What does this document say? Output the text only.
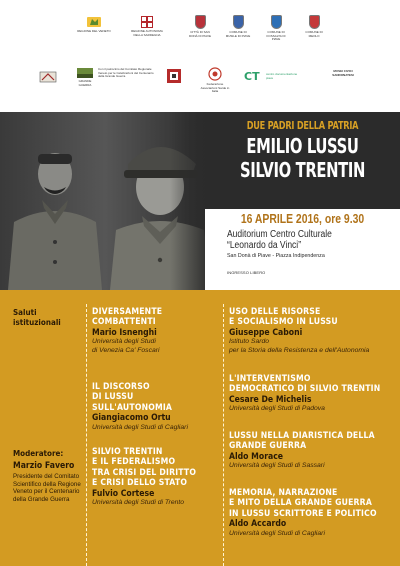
REGIONE DEL VENETO	REGIONE AUTONOMA DELLA SARDEGNA
CITTÀ DI SAN DONÀ DI PIAVE
COMUNE DI MUSILE DI PIAVE
COMUNE DI FOSSALTA DI PIAVE
COMUNE DI MEOLO
GRANDE GUERRA
Con il patrocinio del Comitato Regionale Veneto per le Celebrazioni del Centenario della Grande Guerra
Federazione Associazioni Sarde in Italia
CT centro documentazione piave
MUSEI CIVICI SANDONATESI
DUE PADRI DELLA PATRIA
EMILIO LUSSU
SILVIO TRENTIN
16 APRILE 2016, ore 9.30
Auditorium Centro Culturale
“Leonardo da Vinci”
San Donà di Piave - Piazza Indipendenza
INGRESSO LIBERO
Saluti istituzionali
Moderatore:
Marzio Favero
Presidente del Comitato Scientifico della Regione Veneto per il Centenario della Grande Guerra
DIVERSAMENTE
COMBATTENTI
Mario Isnenghi
Università degli Studi
di Venezia Ca' Foscari
IL DISCORSO
DI LUSSU
SULL'AUTONOMIA
Giangiacomo Ortu
Università degli Studi di Cagliari
SILVIO TRENTIN
E IL FEDERALISMO
TRA CRISI DEL DIRITTO
E CRISI DELLO STATO
Fulvio Cortese
Università degli Studi di Trento
USO DELLE RISORSE
E SOCIALISMO IN LUSSU
Giuseppe Caboni
Istituto Sardo
per la Storia della Resistenza e dell'Autonomia
L'INTERVENTISMO
DEMOCRATICO DI SILVIO TRENTIN
Cesare De Michelis
Università degli Studi di Padova
LUSSU NELLA DIARISTICA DELLA
GRANDE GUERRA
Aldo Morace
Università degli Studi di Sassari
MEMORIA, NARRAZIONE
E MITO DELLA GRANDE GUERRA
IN LUSSU SCRITTORE E POLITICO
Aldo Accardo
Università degli Studi di Cagliari
